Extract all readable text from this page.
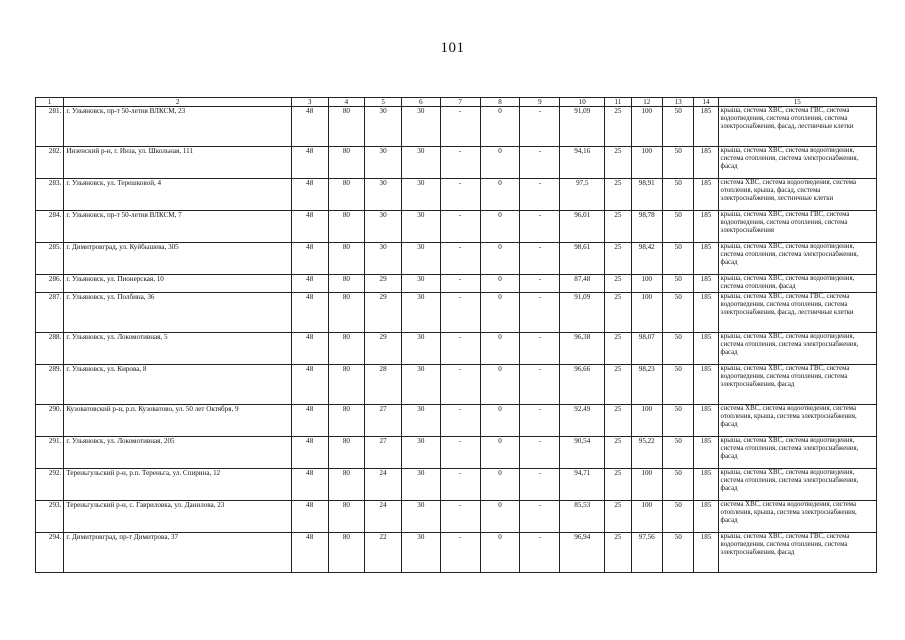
101
1	2	3	4	5	6	7	8	9	10	11	12	13	14	15
281.	г. Ульяновск, пр-т 50-летия ВЛКСМ, 23	48	80	30	30	-	0	-	91,09	25	100	50	185	крыша, система ХВС, система ГВС, система водоотведения, система отопления, система электроснабжения, фасад, лестничные клетки
282.	Инзенский р-н, г. Инза, ул. Школьная, 111	48	80	30	30	-	0	-	94,16	25	100	50	185	крыша, система ХВС, система водоотведения, система отопления, система электроснабжения, фасад
283.	г. Ульяновск, ул. Терешковой, 4	48	80	30	30	-	0	-	97,5	25	98,91	50	185	система ХВС, система водоотведения, система отопления, крыша, фасад, система электроснабжения, лестничные клетки
284.	г. Ульяновск, пр-т 50-летия ВЛКСМ, 7	48	80	30	30	-	0	-	96,01	25	98,78	50	185	крыша, система ХВС, система ГВС, система водоотведения, система отопления, система электроснабжения
285.	г. Димитровград, ул. Куйбышева, 305	48	80	30	30	-	0	-	98,61	25	98,42	50	185	крыша, система ХВС, система водоотведения, система отопления, система электроснабжения, фасад
286.	г. Ульяновск, ул. Пионерская, 10	48	80	29	30	-	0	-	87,48	25	100	50	185	крыша, система ХВС, система водоотведения, система отопления, фасад
287.	г. Ульяновск, ул. Полбина, 36	48	80	29	30	-	0	-	91,09	25	100	50	185	крыша, система ХВС, система ГВС, система водоотведения, система отопления, система электроснабжения, фасад, лестничные клетки
288.	г. Ульяновск, ул. Локомотивная, 5	48	80	29	30	-	0	-	96,38	25	98,07	50	185	крыша, система ХВС, система водоотведения, система отопления, система электроснабжения, фасад
289.	г. Ульяновск, ул. Кирова, 8	48	80	28	30	-	0	-	96,66	25	98,23	50	185	крыша, система ХВС, система ГВС, система водоотведения, система отопления, система электроснабжения, фасад
290.	Кузоватовский р-н, р.п. Кузоватово, ул. 50 лет Октября, 9	48	80	27	30	-	0	-	92,49	25	100	50	185	система ХВС, система водоотведения, система отопления, крыша, система электроснабжения, фасад
291.	г. Ульяновск, ул. Локомотивная, 205	48	80	27	30	-	0	-	90,54	25	95,22	50	185	крыша, система ХВС, система водоотведения, система отопления, система электроснабжения, фасад
292.	Тереньгульский р-н, р.п. Тереньга, ул. Спирина, 12	48	80	24	30	-	0	-	94,71	25	100	50	185	крыша, система ХВС, система водоотведения, система отопления, система электроснабжения, фасад
293.	Тереньгульский р-н, с. Гавриловка, ул. Данилова, 23	48	80	24	30	-	0	-	85,53	25	100	50	185	система ХВС, система водоотведения, система отопления, крыша, система электроснабжения, фасад
294.	г. Димитровград, пр-т Димитрова, 37	48	80	22	30	-	0	-	96,94	25	97,56	50	185	крыша, система ХВС, система ГВС, система водоотведения, система отопления, система электроснабжения, фасад
